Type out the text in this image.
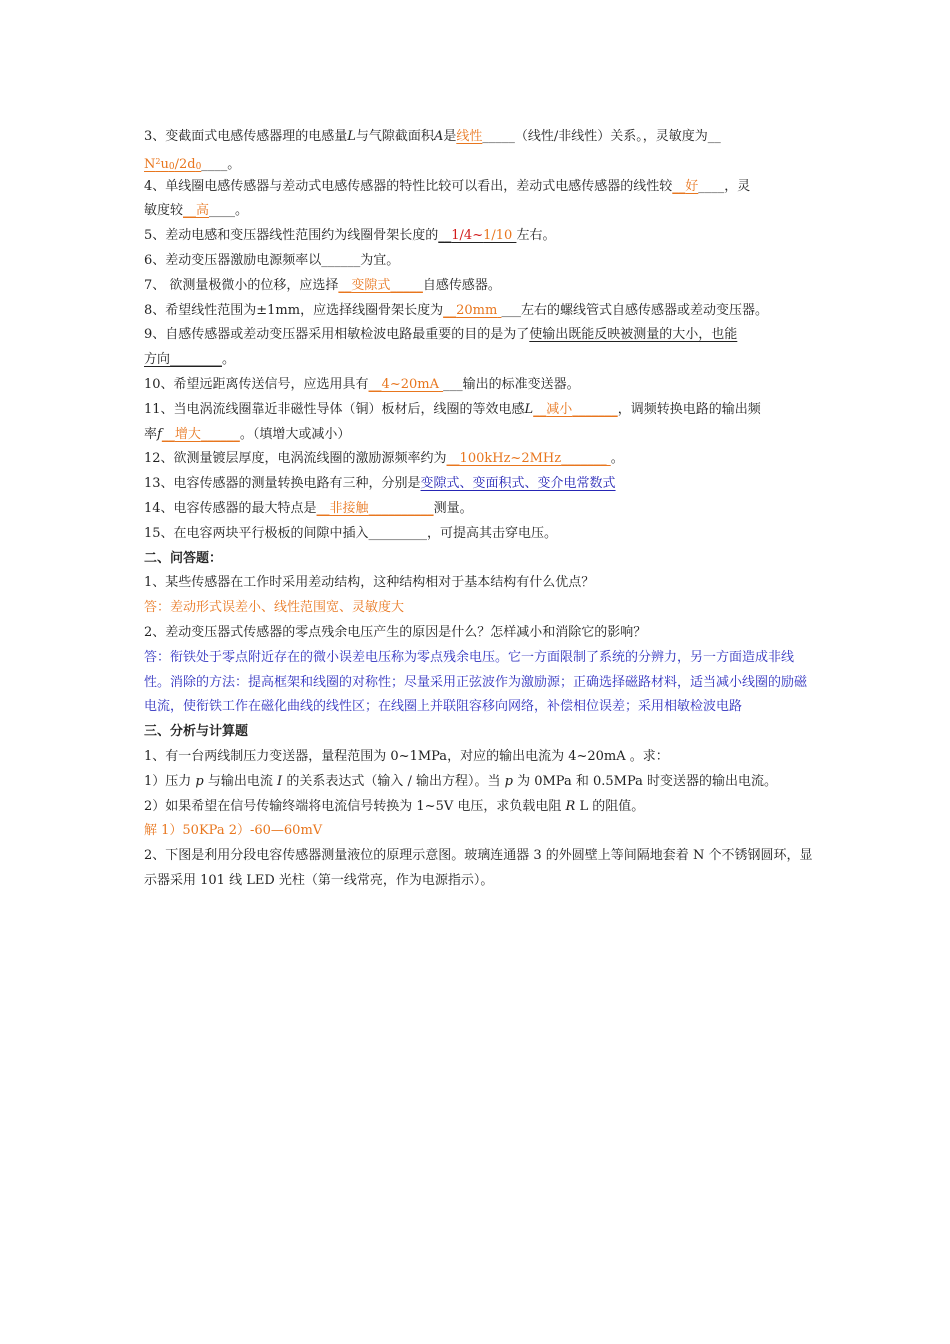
3、变截面式电感传感器理的电感量L与气隙截面积A是线性_____（线性/非线性）关系。，灵敏度为__
$N^2u0/2d0\_\_\_\_$。
4、单线圈电感传感器与差动式电感传感器的特性比较可以看出，差动式电感传感器的线性较__好____，灵
敏度较__高____。
5、差动电感和变压器线性范围约为线圈骨架长度的__1/4~1/10 左右。
6、差动变压器激励电源频率以______为宜。
7、 欲测量极微小的位移，应选择__变隙式_____自感传感器。
8、希望线性范围为±1mm，应选择线圈骨架长度为__20mm ___左右的螺线管式自感传感器或差动变压器。
9、自感传感器或差动变压器采用相敏检波电路最重要的目的是为了使输出既能反映被测量的大小，也能
方向________。
10、希望远距离传送信号，应选用具有__4~20mA ___输出的标准变送器。
11、当电涡流线圈靠近非磁性导体（铜）板材后，线圈的等效电感L__减小_______，调频转换电路的输出频
率f__增大______。（填增大或减小）
12、欲测量镀层厚度，电涡流线圈的激励源频率约为__100kHz~2MHz_______ 。
13、电容传感器的测量转换电路有三种，分别是变隙式、变面积式、变介电常数式
14、电容传感器的最大特点是__非接触__________测量。
15、在电容两块平行极板的间隙中插入_________，可提高其击穿电压。
二、问答题：
1、某些传感器在工作时采用差动结构，这种结构相对于基本结构有什么优点？
答：差动形式误差小、线性范围宽、灵敏度大
2、差动变压器式传感器的零点残余电压产生的原因是什么？怎样减小和消除它的影响？
答：衔铁处于零点附近存在的微小误差电压称为零点残余电压。它一方面限制了系统的分辨力，另一方面造成非线性。消除的方法：提高框架和线圈的对称性；尽量采用正弦波作为激励源；正确选择磁路材料，适当减小线圈的励磁电流，使衔铁工作在磁化曲线的线性区；在线圈上并联阻容移向网络，补偿相位误差；采用相敏检波电路
三、分析与计算题
1、有一台两线制压力变送器，量程范围为 0~1MPa，对应的输出电流为 4~20mA 。求：
1）压力 p 与输出电流 I 的关系表达式（输入 / 输出方程）。当 p 为 0MPa 和 0.5MPa 时变送器的输出电流。
2）如果希望在信号传输终端将电流信号转换为 1~5V 电压，求负载电阻 R L 的阻值。
解 1）50KPa 2）-60—60mV
2、下图是利用分段电容传感器测量液位的原理示意图。玻璃连通器 3 的外圆壁上等间隔地套着 N 个不锈钢圆环，显示器采用 101 线 LED 光柱（第一线常亮，作为电源指示）。
